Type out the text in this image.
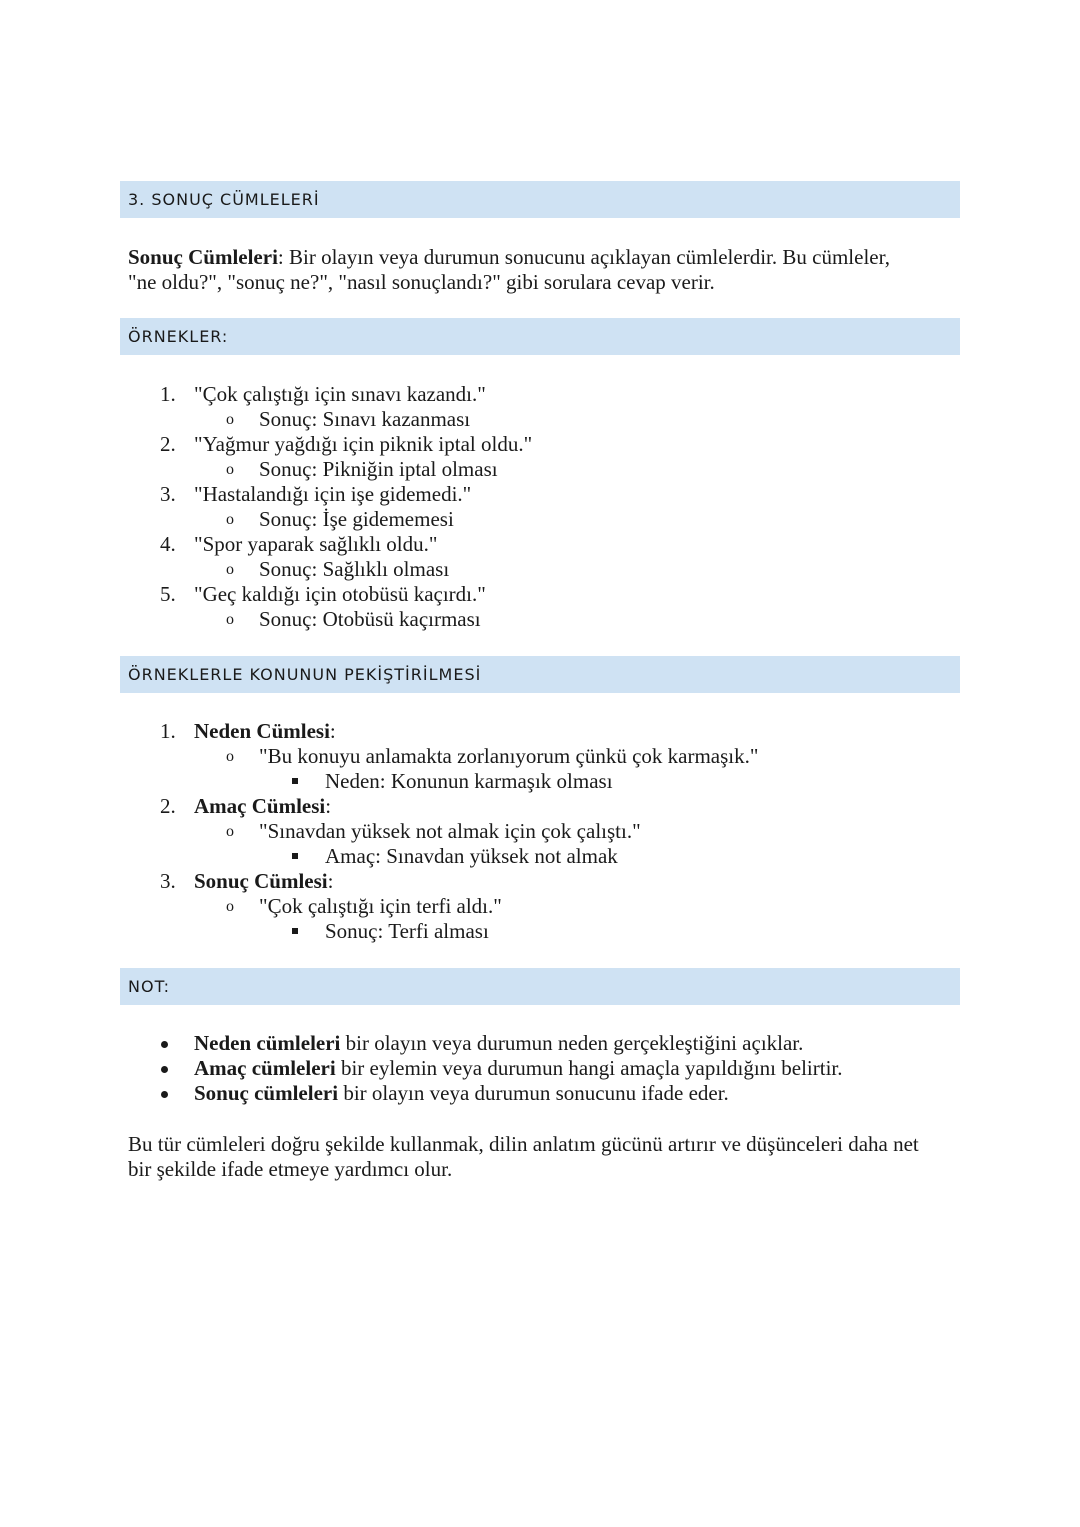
3. SONUÇ CÜMLELERİ

Sonuç Cümleleri: Bir olayın veya durumun sonucunu açıklayan cümlelerdir. Bu cümleler,
"ne oldu?", "sonuç ne?", "nasıl sonuçlandı?" gibi sorulara cevap verir.

ÖRNEKLER:
1. "Çok çalıştığı için sınavı kazandı."
o Sonuç: Sınavı kazanması
2. "Yağmur yağdığı için piknik iptal oldu."
o Sonuç: Pikniğin iptal olması
3. "Hastalandığı için işe gidemedi."
o Sonuç: İşe gidememesi
4. "Spor yaparak sağlıklı oldu."
o Sonuç: Sağlıklı olması
5. "Geç kaldığı için otobüsü kaçırdı."
o Sonuç: Otobüsü kaçırması
ÖRNEKLERLE KONUNUN PEKİŞTİRİLMESİ
1. Neden Cümlesi:
o "Bu konuyu anlamakta zorlanıyorum çünkü çok karmaşık."
Neden: Konunun karmaşık olması
2. Amaç Cümlesi:
o "Sınavdan yüksek not almak için çok çalıştı."
Amaç: Sınavdan yüksek not almak
3. Sonuç Cümlesi:
o "Çok çalıştığı için terfi aldı."
Sonuç: Terfi alması
NOT:
Neden cümleleri bir olayın veya durumun neden gerçekleştiğini açıklar.
Amaç cümleleri bir eylemin veya durumun hangi amaçla yapıldığını belirtir.
Sonuç cümleleri bir olayın veya durumun sonucunu ifade eder.

Bu tür cümleleri doğru şekilde kullanmak, dilin anlatım gücünü artırır ve düşünceleri daha net
bir şekilde ifade etmeye yardımcı olur.
